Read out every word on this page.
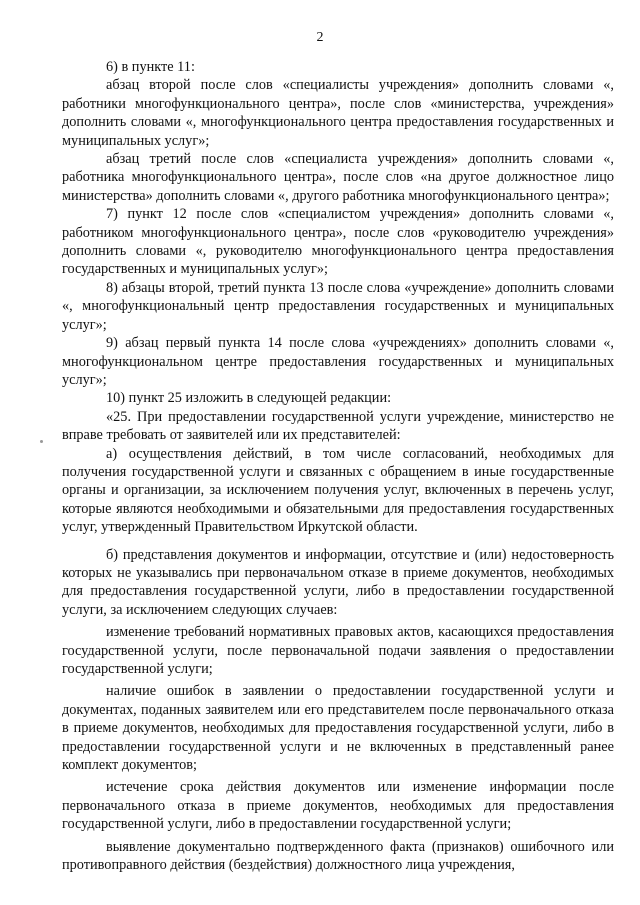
2

6) в пункте 11:

абзац второй после слов «специалисты учреждения» дополнить словами «, работники многофункционального центра», после слов «министерства, учреждения» дополнить словами «, многофункционального центра предоставления государственных и муниципальных услуг»;

абзац третий после слов «специалиста учреждения» дополнить словами «, работника многофункционального центра», после слов «на другое должностное лицо министерства» дополнить словами «, другого работника многофункционального центра»;

7) пункт 12 после слов «специалистом учреждения» дополнить словами «, работником многофункционального центра», после слов «руководителю учреждения» дополнить словами «, руководителю многофункционального центра предоставления государственных и муниципальных услуг»;

8) абзацы второй, третий пункта 13 после слова «учреждение» дополнить словами «, многофункциональный центр предоставления государственных и муниципальных услуг»;

9) абзац первый пункта 14 после слова «учреждениях» дополнить словами «, многофункциональном центре предоставления государственных и муниципальных услуг»;

10) пункт 25 изложить в следующей редакции:

«25. При предоставлении государственной услуги учреждение, министерство не вправе требовать от заявителей или их представителей:

а) осуществления действий, в том числе согласований, необходимых для получения государственной услуги и связанных с обращением в иные государственные органы и организации, за исключением получения услуг, включенных в перечень услуг, которые являются необходимыми и обязательными для предоставления государственных услуг, утвержденный Правительством Иркутской области.

б) представления документов и информации, отсутствие и (или) недостоверность которых не указывались при первоначальном отказе в приеме документов, необходимых для предоставления государственной услуги, либо в предоставлении государственной услуги, за исключением следующих случаев:

изменение требований нормативных правовых актов, касающихся предоставления государственной услуги, после первоначальной подачи заявления о предоставлении государственной услуги;

наличие ошибок в заявлении о предоставлении государственной услуги и документах, поданных заявителем или его представителем после первоначального отказа в приеме документов, необходимых для предоставления государственной услуги, либо в предоставлении государственной услуги и не включенных в представленный ранее комплект документов;

истечение срока действия документов или изменение информации после первоначального отказа в приеме документов, необходимых для предоставления государственной услуги, либо в предоставлении государственной услуги;

выявление документально подтвержденного факта (признаков) ошибочного или противоправного действия (бездействия) должностного лица учреждения,
